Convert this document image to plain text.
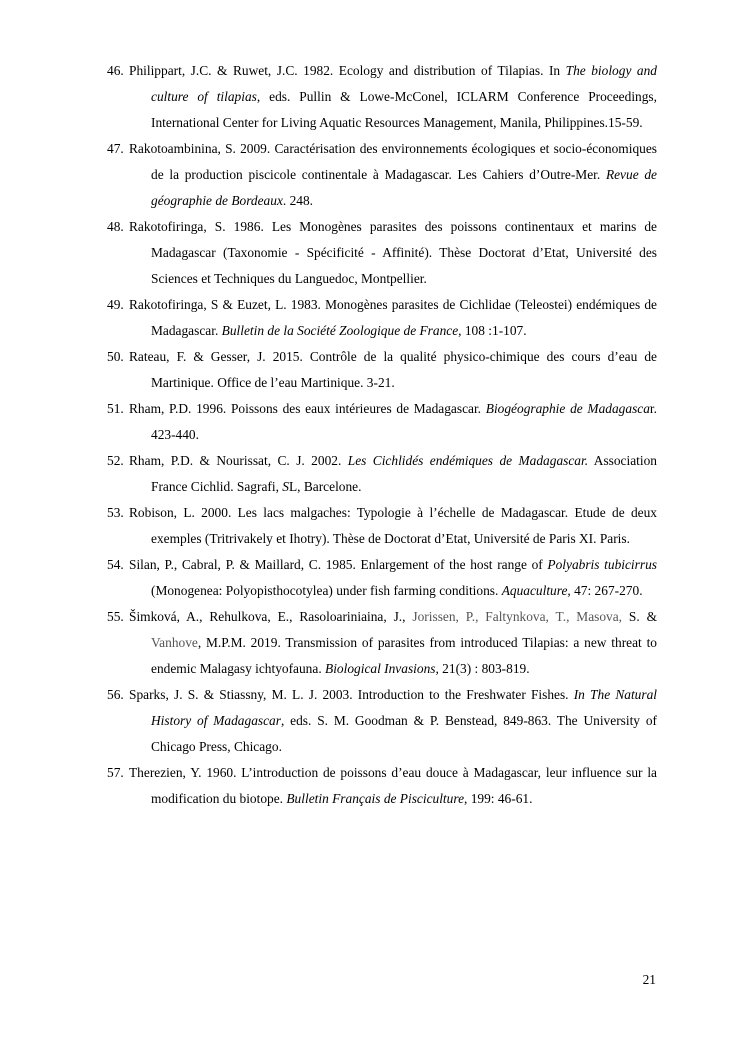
46. Philippart, J.C. & Ruwet, J.C. 1982. Ecology and distribution of Tilapias. In The biology and culture of tilapias, eds. Pullin & Lowe-McConel, ICLARM Conference Proceedings, International Center for Living Aquatic Resources Management, Manila, Philippines.15-59.
47. Rakotoambinina, S. 2009. Caractérisation des environnements écologiques et socio-économiques de la production piscicole continentale à Madagascar. Les Cahiers d’Outre-Mer. Revue de géographie de Bordeaux. 248.
48. Rakotofiringa, S. 1986. Les Monogènes parasites des poissons continentaux et marins de Madagascar (Taxonomie - Spécificité - Affinité). Thèse Doctorat d’Etat, Université des Sciences et Techniques du Languedoc, Montpellier.
49. Rakotofiringa, S & Euzet, L. 1983. Monogènes parasites de Cichlidae (Teleostei) endémiques de Madagascar. Bulletin de la Société Zoologique de France, 108 :1-107.
50. Rateau, F. & Gesser, J. 2015. Contrôle de la qualité physico-chimique des cours d’eau de Martinique. Office de l’eau Martinique. 3-21.
51. Rham, P.D. 1996. Poissons des eaux intérieures de Madagascar. Biogéographie de Madagascar. 423-440.
52. Rham, P.D. & Nourissat, C. J. 2002. Les Cichlidés endémiques de Madagascar. Association France Cichlid. Sagrafi, SL, Barcelone.
53. Robison, L. 2000. Les lacs malgaches: Typologie à l’échelle de Madagascar. Etude de deux exemples (Tritrivakely et Ihotry). Thèse de Doctorat d’Etat, Université de Paris XI. Paris.
54. Silan, P., Cabral, P. & Maillard, C. 1985. Enlargement of the host range of Polyabris tubicirrus (Monogenea: Polyopisthocotylea) under fish farming conditions. Aquaculture, 47: 267-270.
55. Šimková, A., Rehulkova, E., Rasoloariniaina, J., Jorissen, P., Faltynkova, T., Masova, S. & Vanhove, M.P.M. 2019. Transmission of parasites from introduced Tilapias: a new threat to endemic Malagasy ichtyofauna. Biological Invasions, 21(3) : 803-819.
56. Sparks, J. S. & Stiassny, M. L. J. 2003. Introduction to the Freshwater Fishes. In The Natural History of Madagascar, eds. S. M. Goodman & P. Benstead, 849-863. The University of Chicago Press, Chicago.
57. Therezien, Y. 1960. L’introduction de poissons d’eau douce à Madagascar, leur influence sur la modification du biotope. Bulletin Français de Pisciculture, 199: 46-61.
21
